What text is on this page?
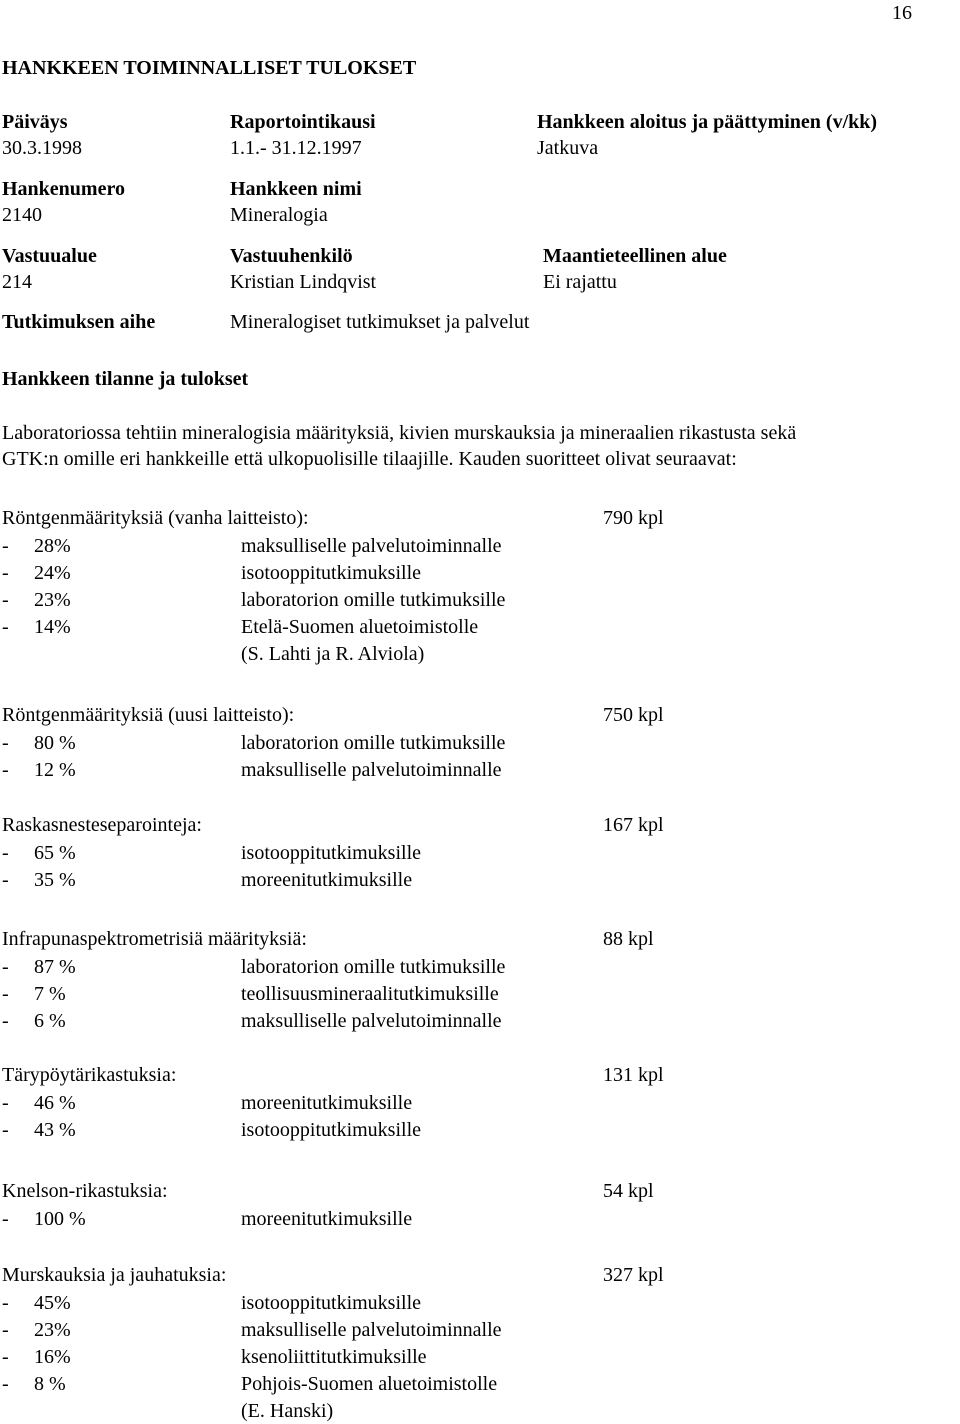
16
HANKKEEN TOIMINNALLISET TULOKSET
Päiväys	Raportointikausi	Hankkeen aloitus ja päättyminen (v/kk)
30.3.1998	1.1.- 31.12.1997	Jatkuva
Hankenumero	Hankkeen nimi
2140	Mineralogia
Vastuualue	Vastuuhenkilö	Maantieteellinen alue
214	Kristian Lindqvist	Ei rajattu
Tutkimuksen aihe	Mineralogiset tutkimukset ja palvelut
Hankkeen tilanne ja tulokset
Laboratoriossa tehtiin mineralogisia määrityksiä, kivien murskauksia ja mineraalien rikastusta sekä
GTK:n omille eri hankkeille että ulkopuolisille tilaajille. Kauden suoritteet olivat seuraavat:
Röntgenmäärityksiä (vanha laitteisto):	790 kpl
- 28%	maksulliselle palvelutoiminnalle
- 24%	isotooppitutkimuksille
- 23%	laboratorion omille tutkimuksille
- 14%	Etelä-Suomen aluetoimistolle
(S. Lahti ja R. Alviola)
Röntgenmäärityksiä (uusi laitteisto):	750 kpl
- 80 %	laboratorion omille tutkimuksille
- 12 %	maksulliselle palvelutoiminnalle
Raskasnesteseparointeja:	167 kpl
- 65 %	isotooppitutkimuksille
- 35 %	moreenitutkimuksille
Infrapunaspektrometrisiä määrityksiä:	88 kpl
- 87 %	laboratorion omille tutkimuksille
- 7 %	teollisuusmineraalitutkimuksille
- 6 %	maksulliselle palvelutoiminnalle
Tärypöytärikastuksia:	131 kpl
- 46 %	moreenitutkimuksille
- 43 %	isotooppitutkimuksille
Knelson-rikastuksia:	54 kpl
- 100 %	moreenitutkimuksille
Murskauksia ja jauhatuksia:	327 kpl
- 45%	isotooppitutkimuksille
- 23%	maksulliselle palvelutoiminnalle
- 16%	ksenoliittitutkimuksille
- 8 %	Pohjois-Suomen aluetoimistolle
(E. Hanski)
